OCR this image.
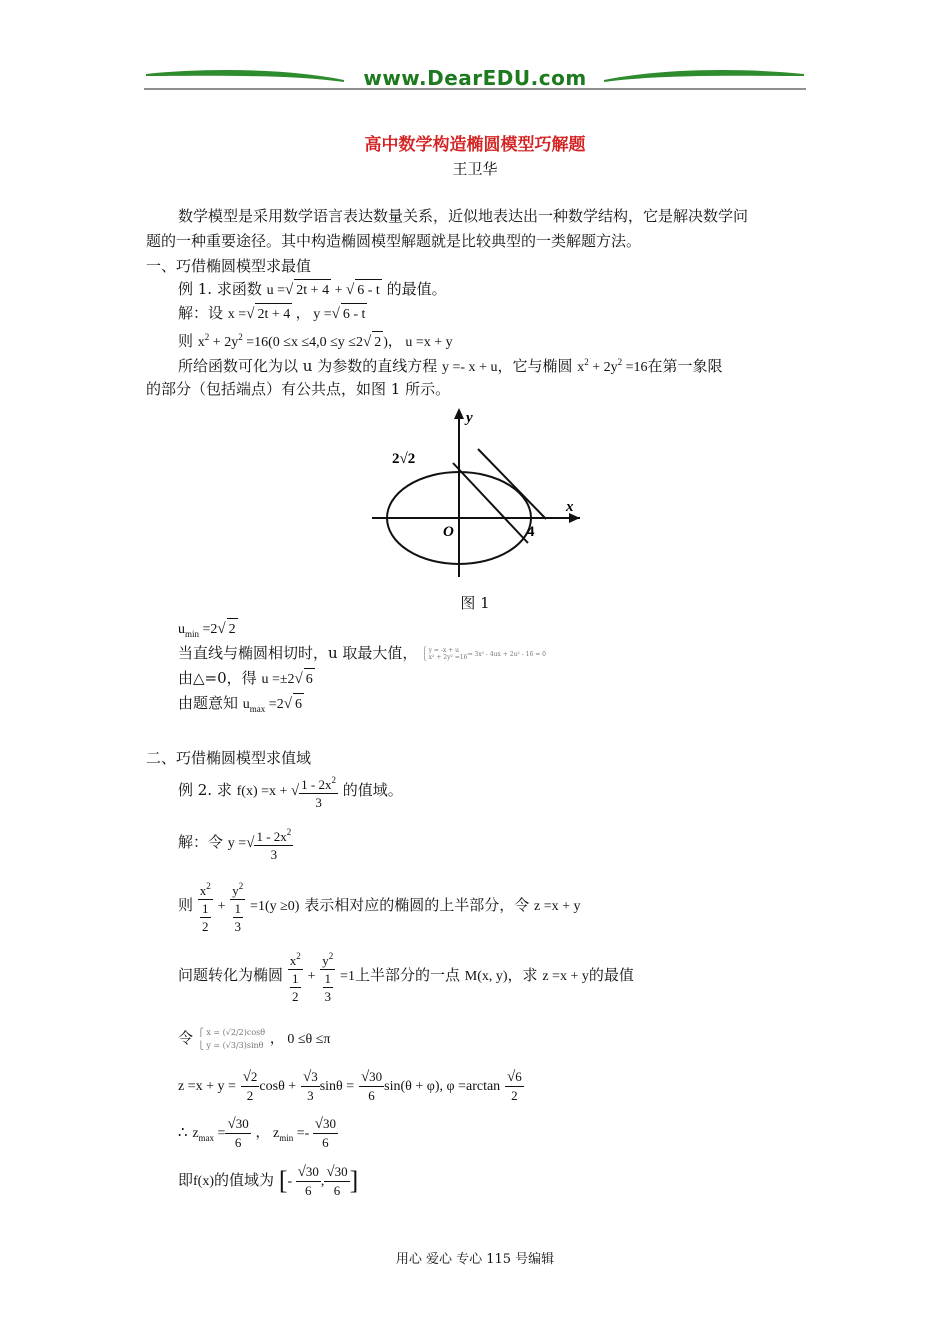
www.DearEDU.com
高中数学构造椭圆模型巧解题
王卫华
数学模型是采用数学语言表达数量关系，近似地表达出一种数学结构，它是解决数学问
题的一种重要途径。其中构造椭圆模型解题就是比较典型的一类解题方法。
一、巧借椭圆模型求最值
例 1. 求函数 u =√ 2t + 4 + √ 6 - t 的最值。
解：设 x =√ 2t + 4 ， y =√ 6 - t
则 $x^2 + 2y^2 =16(0 \le x \le 4,0 \le y \le 2√$ 2 )， u =x + y
所给函数可化为以 u 为参数的直线方程 y =- x + u，它与椭圆 $x^2 + 2y^2 =16$在第一象限
的部分（包括端点）有公共点，如图 1 所示。
y
x
O	4
2√2
图 1
$u_{min} =2√$ 2
当直线与椭圆相切时，u 取最大值， ⎧ y = -x + u
⎩ x² + 2y² =16⇒ 3x² - 4ux + 2u² - 16 = 0
由△=0，得 u =±2√ 6
由题意知 $u_{max} =2√$ 6
二、巧借椭圆模型求值域
例 2. 求 f(x) =x + √ $\frac{1 - 2x^2}{3}$ 的值域。
解：令 y =√ $\frac{1 - 2x^2}{3}$
则 $\frac{x^2}{\frac{1}{2}} + \frac{y^2}{\frac{1}{3}} =1(y \ge 0)$ 表示相对应的椭圆的上半部分，令 z =x + y
问题转化为椭圆 $\frac{x^2}{\frac{1}{2}} + \frac{y^2}{\frac{1}{3}} =1$上半部分的一点 M(x, y)，求 z =x + y的最值
令 ⎧ x = (√2/2)cosθ
⎩ y = (√3/3)sinθ ， 0 ≤θ ≤π
$z =x + y = \frac{√2}{2}$ $\cos\theta + \frac{√3}{3}$ $\sin\theta = \frac{√30}{6} \sin(\theta + \varphi)$, $\varphi =\arctan \frac{√6}{2}$
∴ $z_{max} = \frac{√30}{6}$ ， $z_{min} =- \frac{√30}{6}$
即f(x)的值域为 [- $\frac{√30}{6}$ , $\frac{√30}{6}$ ]
用心 爱心 专心 115 号编辑
